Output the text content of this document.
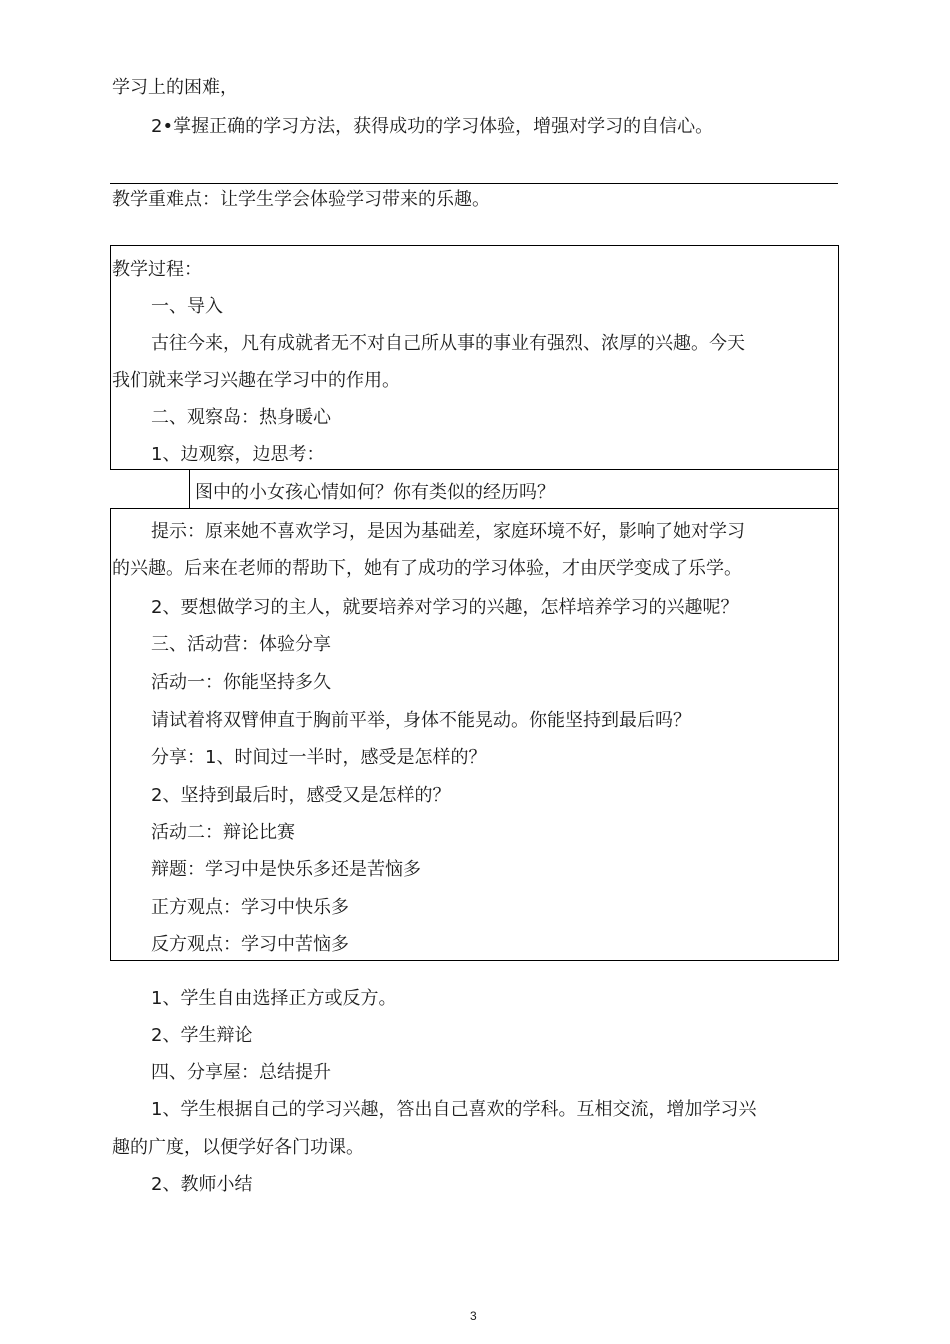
学习上的困难，
2•掌握正确的学习方法，获得成功的学习体验，增强对学习的自信心。
教学重难点：让学生学会体验学习带来的乐趣。
教学过程：
一、导入
古往今来，凡有成就者无不对自己所从事的事业有强烈、浓厚的兴趣。今天
我们就来学习兴趣在学习中的作用。
二、观察岛：热身暖心
1、边观察，边思考：
图中的小女孩心情如何？你有类似的经历吗？
提示：原来她不喜欢学习，是因为基础差，家庭环境不好，影响了她对学习
的兴趣。后来在老师的帮助下，她有了成功的学习体验，才由厌学变成了乐学。
2、要想做学习的主人，就要培养对学习的兴趣，怎样培养学习的兴趣呢？
三、活动营：体验分享
活动一：你能坚持多久
请试着将双臂伸直于胸前平举，身体不能晃动。你能坚持到最后吗？
分享：1、时间过一半时，感受是怎样的？
2、坚持到最后时，感受又是怎样的？
活动二：辩论比赛
辩题：学习中是快乐多还是苦恼多
正方观点：学习中快乐多
反方观点：学习中苦恼多
1、学生自由选择正方或反方。
2、学生辩论
四、分享屋：总结提升
1、学生根据自己的学习兴趣，答出自己喜欢的学科。互相交流，增加学习兴
趣的广度，以便学好各门功课。
2、教师小结
3
